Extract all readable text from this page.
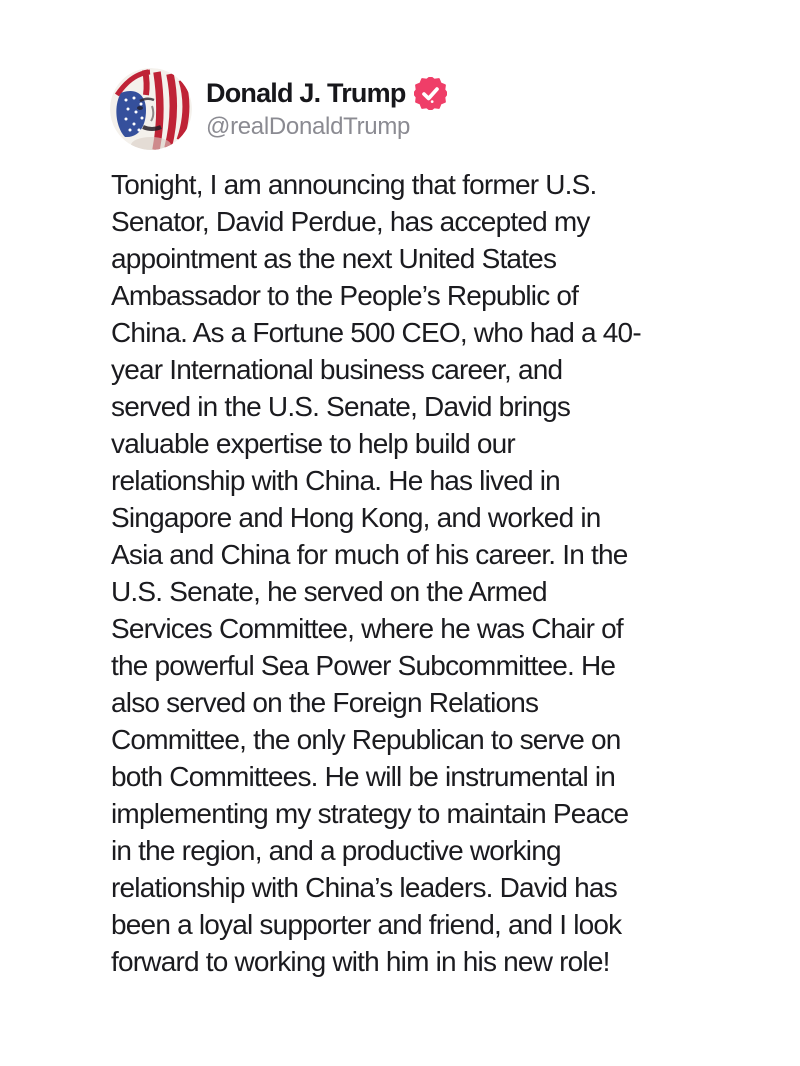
Donald J. Trump
@realDonaldTrump
Tonight, I am announcing that former U.S.
Senator, David Perdue, has accepted my
appointment as the next United States
Ambassador to the People’s Republic of
China. As a Fortune 500 CEO, who had a 40-
year International business career, and
served in the U.S. Senate, David brings
valuable expertise to help build our
relationship with China. He has lived in
Singapore and Hong Kong, and worked in
Asia and China for much of his career. In the
U.S. Senate, he served on the Armed
Services Committee, where he was Chair of
the powerful Sea Power Subcommittee. He
also served on the Foreign Relations
Committee, the only Republican to serve on
both Committees. He will be instrumental in
implementing my strategy to maintain Peace
in the region, and a productive working
relationship with China’s leaders. David has
been a loyal supporter and friend, and I look
forward to working with him in his new role!
